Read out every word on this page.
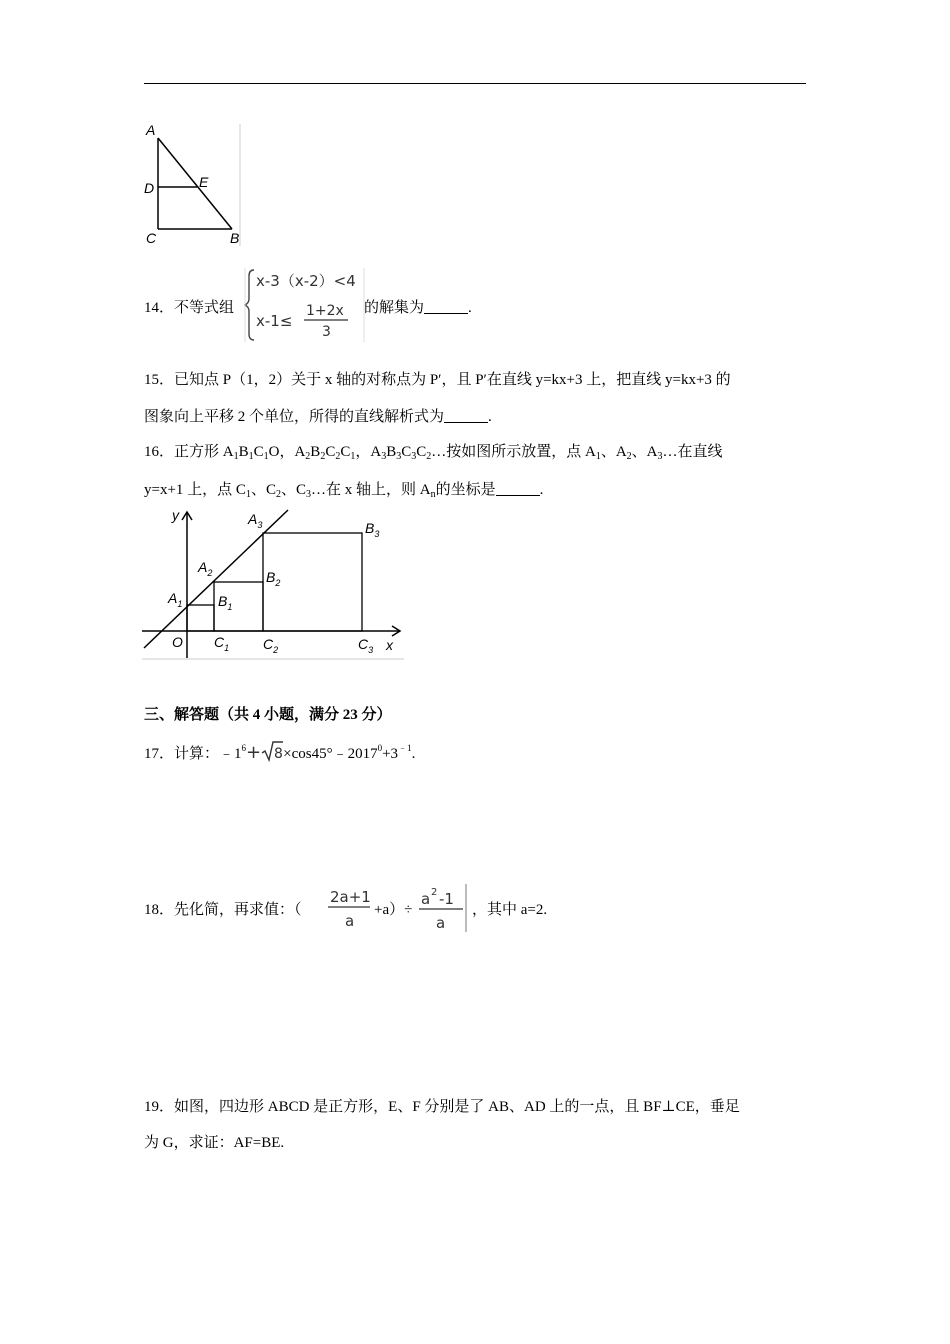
A
D	E
C	B
14．不等式组
x-3（x-2）<4
x-1≤
1+2x
3
的解集为	.
15．已知点 P（1，2）关于 x 轴的对称点为 P′，且 P′在直线 y=kx+3 上，把直线 y=kx+3 的
图象向上平移 2 个单位，所得的直线解析式为	.
16．正方形 $A_1B_1C_1O$，$A_2B_2C_2C_1$，$A_3B_3C_3C_2\dots$按如图所示放置，点 $A_1$、$A_2$、$A_3\dots$在直线
y=x+1 上，点 $C_1$、$C_2$、$C_3\dots$在 x 轴上，则 $A_n$的坐标是	.
y
x
O
$A_1$
$A_2$
$A_3$
$B_1$
$B_2$
$B_3$
$C_1$ $C_2$	$C_3$
三、解答题（共 4 小题，满分 23 分）
17．计算：$﹣1^6+ 8$ $\times\cos 45^\circ﹣2017^0+3^{﹣1}$.
18．先化简，再求值：（
2a+1
a
+a）÷
a 2 -1
a
，其中 a=2.
19．如图，四边形 ABCD 是正方形，E、F 分别是了 AB、AD 上的一点，且 BF⊥CE，垂足
为 G，求证：AF=BE.
